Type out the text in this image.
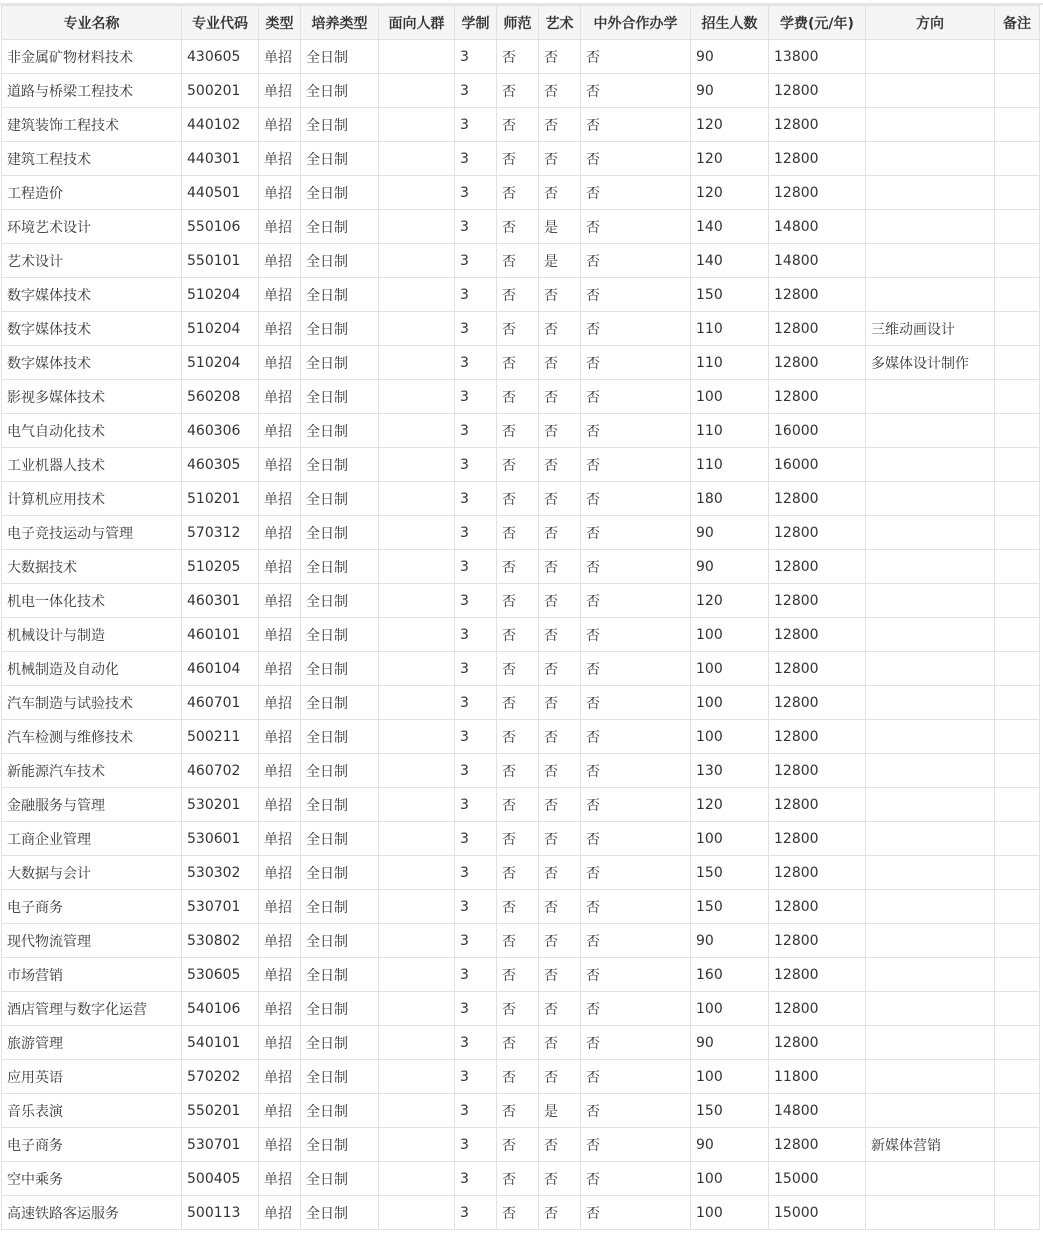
专业名称	专业代码	类型	培养类型	面向人群	学制	师范	艺术	中外合作办学	招生人数	学费(元/年)	方向	备注
非金属矿物材料技术	430605	单招	全日制		3	否	否	否	90	13800		
道路与桥梁工程技术	500201	单招	全日制		3	否	否	否	90	12800		
建筑装饰工程技术	440102	单招	全日制		3	否	否	否	120	12800		
建筑工程技术	440301	单招	全日制		3	否	否	否	120	12800		
工程造价	440501	单招	全日制		3	否	否	否	120	12800		
环境艺术设计	550106	单招	全日制		3	否	是	否	140	14800		
艺术设计	550101	单招	全日制		3	否	是	否	140	14800		
数字媒体技术	510204	单招	全日制		3	否	否	否	150	12800		
数字媒体技术	510204	单招	全日制		3	否	否	否	110	12800	三维动画设计	
数字媒体技术	510204	单招	全日制		3	否	否	否	110	12800	多媒体设计制作	
影视多媒体技术	560208	单招	全日制		3	否	否	否	100	12800		
电气自动化技术	460306	单招	全日制		3	否	否	否	110	16000		
工业机器人技术	460305	单招	全日制		3	否	否	否	110	16000		
计算机应用技术	510201	单招	全日制		3	否	否	否	180	12800		
电子竞技运动与管理	570312	单招	全日制		3	否	否	否	90	12800		
大数据技术	510205	单招	全日制		3	否	否	否	90	12800		
机电一体化技术	460301	单招	全日制		3	否	否	否	120	12800		
机械设计与制造	460101	单招	全日制		3	否	否	否	100	12800		
机械制造及自动化	460104	单招	全日制		3	否	否	否	100	12800		
汽车制造与试验技术	460701	单招	全日制		3	否	否	否	100	12800		
汽车检测与维修技术	500211	单招	全日制		3	否	否	否	100	12800		
新能源汽车技术	460702	单招	全日制		3	否	否	否	130	12800		
金融服务与管理	530201	单招	全日制		3	否	否	否	120	12800		
工商企业管理	530601	单招	全日制		3	否	否	否	100	12800		
大数据与会计	530302	单招	全日制		3	否	否	否	150	12800		
电子商务	530701	单招	全日制		3	否	否	否	150	12800		
现代物流管理	530802	单招	全日制		3	否	否	否	90	12800		
市场营销	530605	单招	全日制		3	否	否	否	160	12800		
酒店管理与数字化运营	540106	单招	全日制		3	否	否	否	100	12800		
旅游管理	540101	单招	全日制		3	否	否	否	90	12800		
应用英语	570202	单招	全日制		3	否	否	否	100	11800		
音乐表演	550201	单招	全日制		3	否	是	否	150	14800		
电子商务	530701	单招	全日制		3	否	否	否	90	12800	新媒体营销	
空中乘务	500405	单招	全日制		3	否	否	否	100	15000		
高速铁路客运服务	500113	单招	全日制		3	否	否	否	100	15000		
